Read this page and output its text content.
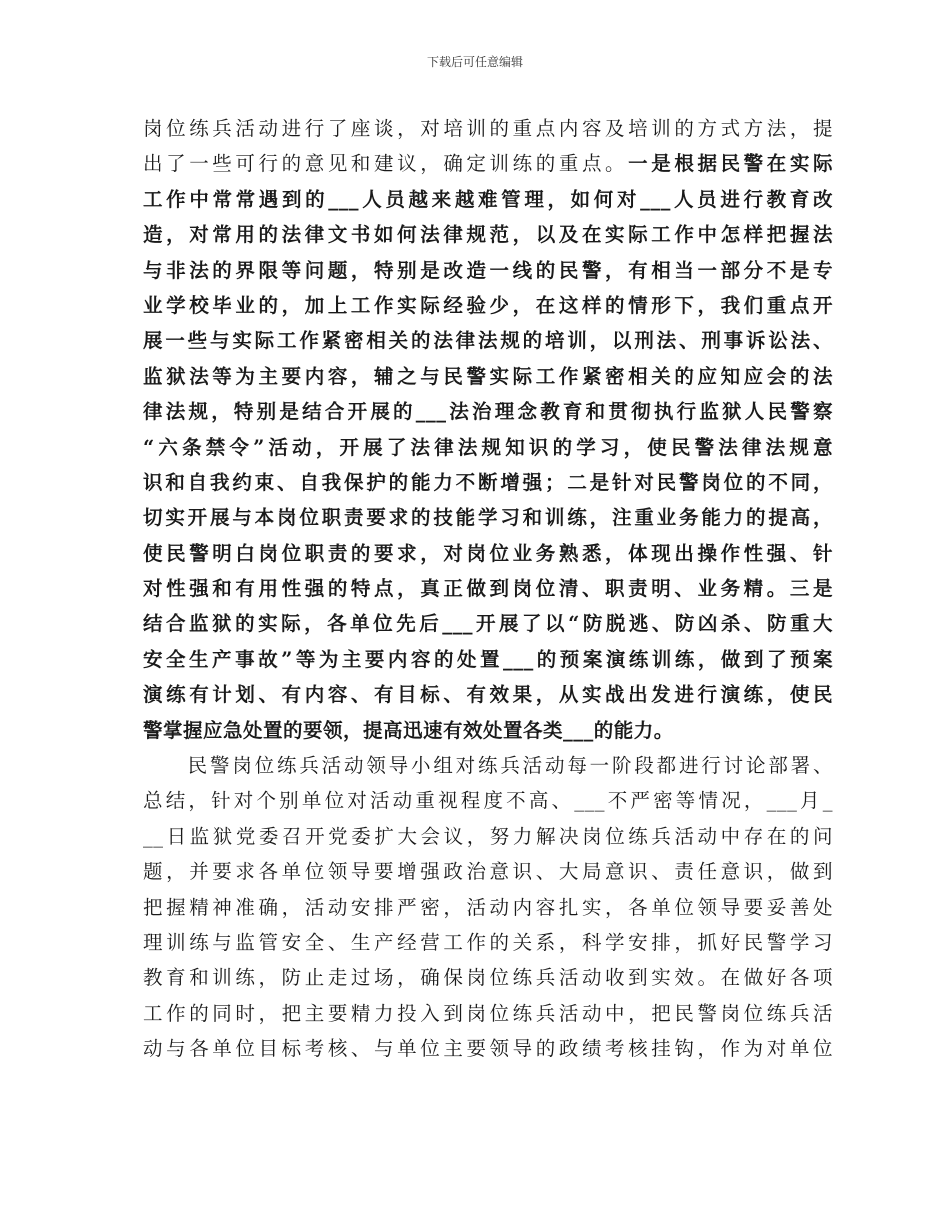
下载后可任意编辑
岗位练兵活动进行了座谈，对培训的重点内容及培训的方式方法，提
出了一些可行的意见和建议，确定训练的重点。一是根据民警在实际
工作中常常遇到的___人员越来越难管理，如何对___人员进行教育改
造，对常用的法律文书如何法律规范，以及在实际工作中怎样把握法
与非法的界限等问题，特别是改造一线的民警，有相当一部分不是专
业学校毕业的，加上工作实际经验少，在这样的情形下，我们重点开
展一些与实际工作紧密相关的法律法规的培训，以刑法、刑事诉讼法、
监狱法等为主要内容，辅之与民警实际工作紧密相关的应知应会的法
律法规，特别是结合开展的___法治理念教育和贯彻执行监狱人民警察
“六条禁令”活动，开展了法律法规知识的学习，使民警法律法规意
识和自我约束、自我保护的能力不断增强；二是针对民警岗位的不同，
切实开展与本岗位职责要求的技能学习和训练，注重业务能力的提高，
使民警明白岗位职责的要求，对岗位业务熟悉，体现出操作性强、针
对性强和有用性强的特点，真正做到岗位清、职责明、业务精。三是
结合监狱的实际，各单位先后___开展了以“防脱逃、防凶杀、防重大
安全生产事故”等为主要内容的处置___的预案演练训练，做到了预案
演练有计划、有内容、有目标、有效果，从实战出发进行演练，使民
警掌握应急处置的要领，提高迅速有效处置各类___的能力。
　　民警岗位练兵活动领导小组对练兵活动每一阶段都进行讨论部署、
总结，针对个别单位对活动重视程度不高、___不严密等情况，___月_
__日监狱党委召开党委扩大会议，努力解决岗位练兵活动中存在的问
题，并要求各单位领导要增强政治意识、大局意识、责任意识，做到
把握精神准确，活动安排严密，活动内容扎实，各单位领导要妥善处
理训练与监管安全、生产经营工作的关系，科学安排，抓好民警学习
教育和训练，防止走过场，确保岗位练兵活动收到实效。在做好各项
工作的同时，把主要精力投入到岗位练兵活动中，把民警岗位练兵活
动与各单位目标考核、与单位主要领导的政绩考核挂钩，作为对单位
